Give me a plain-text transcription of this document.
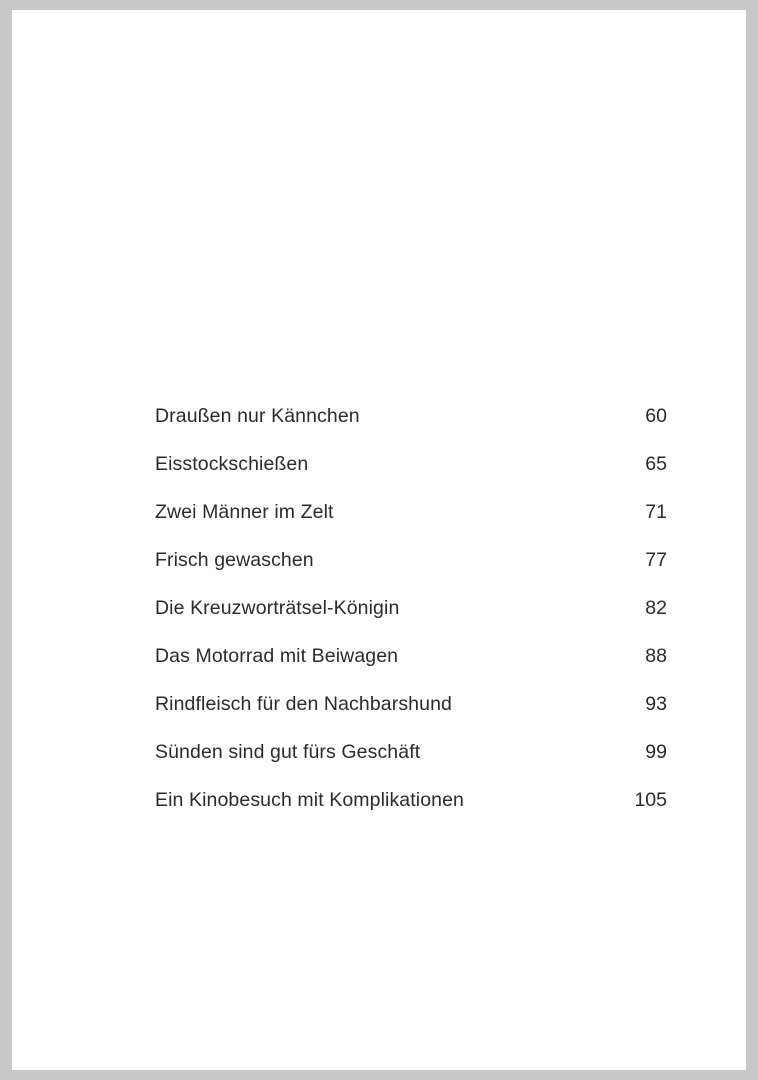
Draußen nur Kännchen	60
Eisstockschießen	65
Zwei Männer im Zelt	71
Frisch gewaschen	77
Die Kreuzworträtsel-Königin	82
Das Motorrad mit Beiwagen	88
Rindfleisch für den Nachbarshund	93
Sünden sind gut fürs Geschäft	99
Ein Kinobesuch mit Komplikationen	105
